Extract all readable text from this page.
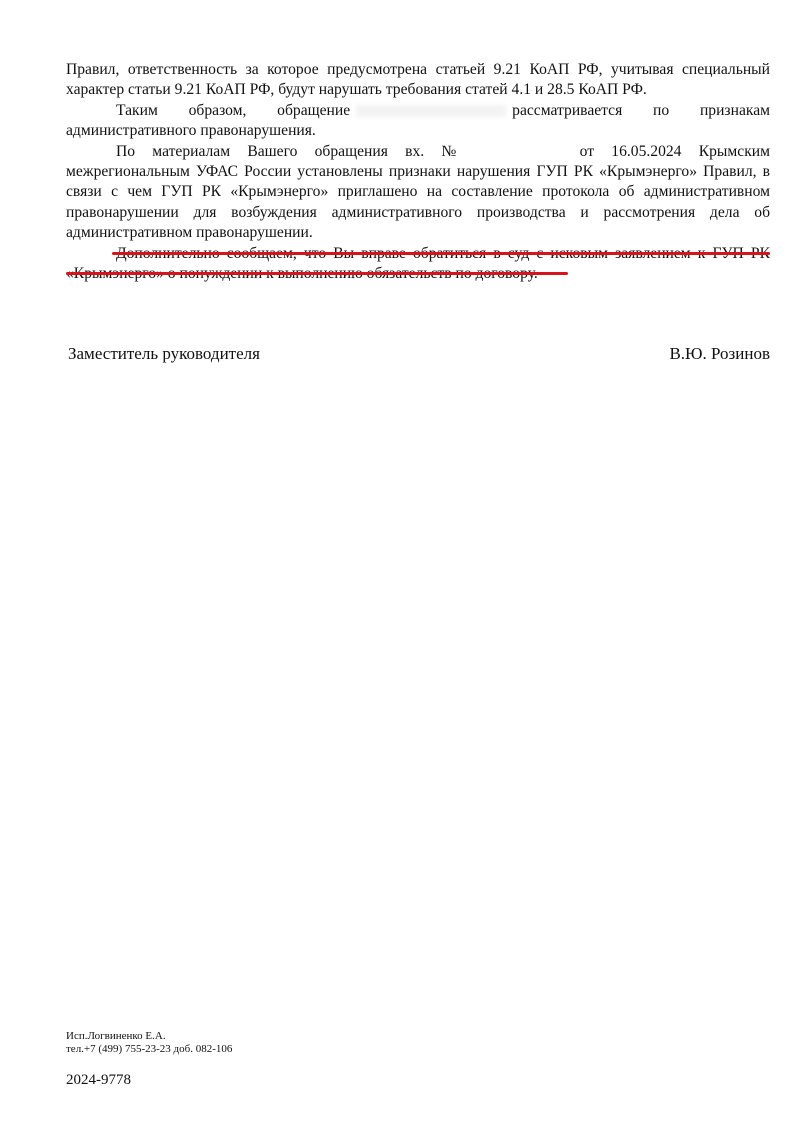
Правил, ответственность за которое предусмотрена статьей 9.21 КоАП РФ, учитывая специальный характер статьи 9.21 КоАП РФ, будут нарушать требования статей 4.1 и 28.5 КоАП РФ.

Таким образом, обращение	рассматривается по признакам административного правонарушения.

По материалам Вашего обращения вх. №	от 16.05.2024 Крымским межрегиональным УФАС России установлены признаки нарушения ГУП РК «Крымэнерго» Правил, в связи с чем ГУП РК «Крымэнерго» приглашено на составление протокола об административном правонарушении для возбуждения административного производства и рассмотрения дела об административном правонарушении.

Заместитель руководителя	В.Ю. Розинов
Исп.Логвиненко Е.А.
тел.+7 (499) 755-23-23 доб. 082-106
2024-9778
